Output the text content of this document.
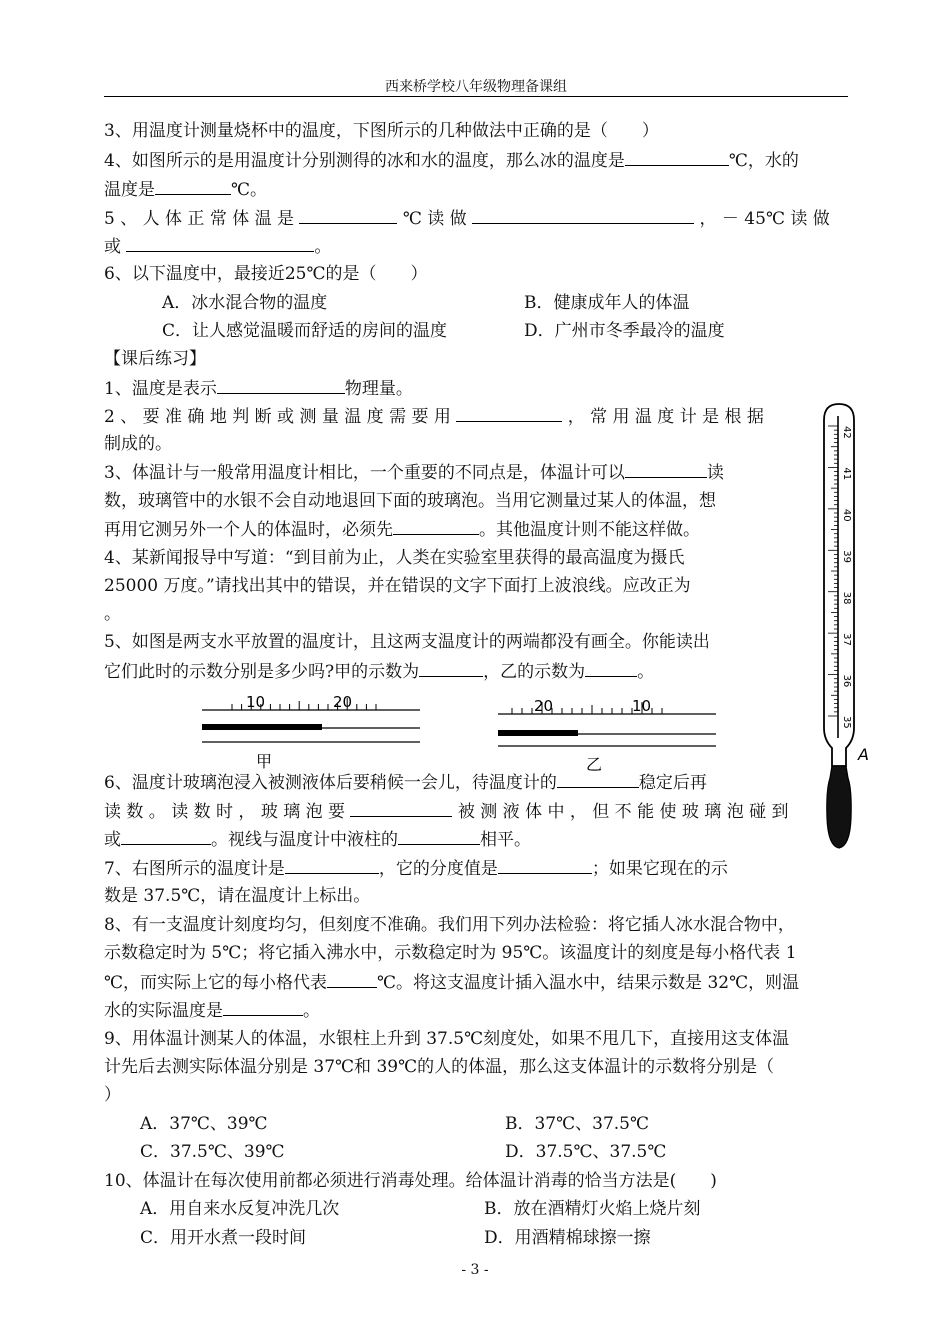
西来桥学校八年级物理备课组
3、用温度计测量烧杯中的温度，下图所示的几种做法中正确的是（　　）
4、如图所示的是用温度计分别测得的冰和水的温度，那么冰的温度是	℃，水的
温度是	℃。
5 、 人 体 正 常 体 温 是	℃ 读 做	， － 45℃ 读 做
或	。
6、以下温度中，最接近25℃的是（　　）
A．冰水混合物的温度	B．健康成年人的体温
C．让人感觉温暖而舒适的房间的温度	D．广州市冬季最冷的温度
【课后练习】
1、温度是表示	物理量。
2 、 要 准 确 地 判 断 或 测 量 温 度 需 要 用	， 常 用 温 度 计 是 根 据
制成的。
3、体温计与一般常用温度计相比，一个重要的不同点是，体温计可以	读
数，玻璃管中的水银不会自动地退回下面的玻璃泡。当用它测量过某人的体温，想
再用它测另外一个人的体温时，必须先	。其他温度计则不能这样做。
4、某新闻报导中写道：“到目前为止，人类在实验室里获得的最高温度为摄氏
25000 万度。”请找出其中的错误，并在错误的文字下面打上波浪线。应改正为
。
5、如图是两支水平放置的温度计，且这两支温度计的两端都没有画全。你能读出
它们此时的示数分别是多少吗?甲的示数为	，乙的示数为	。
10	20
甲
20	10
乙
6、温度计玻璃泡浸入被测液体后要稍候一会儿，待温度计的	稳定后再
读 数 。 读 数 时 ， 玻 璃 泡 要	被 测 液 体 中 ， 但 不 能 使 玻 璃 泡 碰 到
或	。视线与温度计中液柱的	相平。
7、右图所示的温度计是	，它的分度值是	；如果它现在的示
数是 37.5℃，请在温度计上标出。
8、有一支温度计刻度均匀，但刻度不准确。我们用下列办法检验：将它插人冰水混合物中，
示数稳定时为 5℃；将它插入沸水中，示数稳定时为 95℃。该温度计的刻度是每小格代表 1
℃，而实际上它的每小格代表	℃。将这支温度计插入温水中，结果示数是 32℃，则温
水的实际温度是	。
9、用体温计测某人的体温，水银柱上升到 37.5℃刻度处，如果不甩几下，直接用这支体温
计先后去测实际体温分别是 37℃和 39℃的人的体温，那么这支体温计的示数将分别是（
）
A．37℃、39℃	B．37℃、37.5℃
C．37.5℃、39℃	D．37.5℃、37.5℃
10、体温计在每次使用前都必须进行消毒处理。给体温计消毒的恰当方法是(　　)
A．用自来水反复冲洗几次	B．放在酒精灯火焰上烧片刻
C．用开水煮一段时间	D．用酒精棉球擦一擦
42
41
40
39
38
37
36
35
A
- 3 -
